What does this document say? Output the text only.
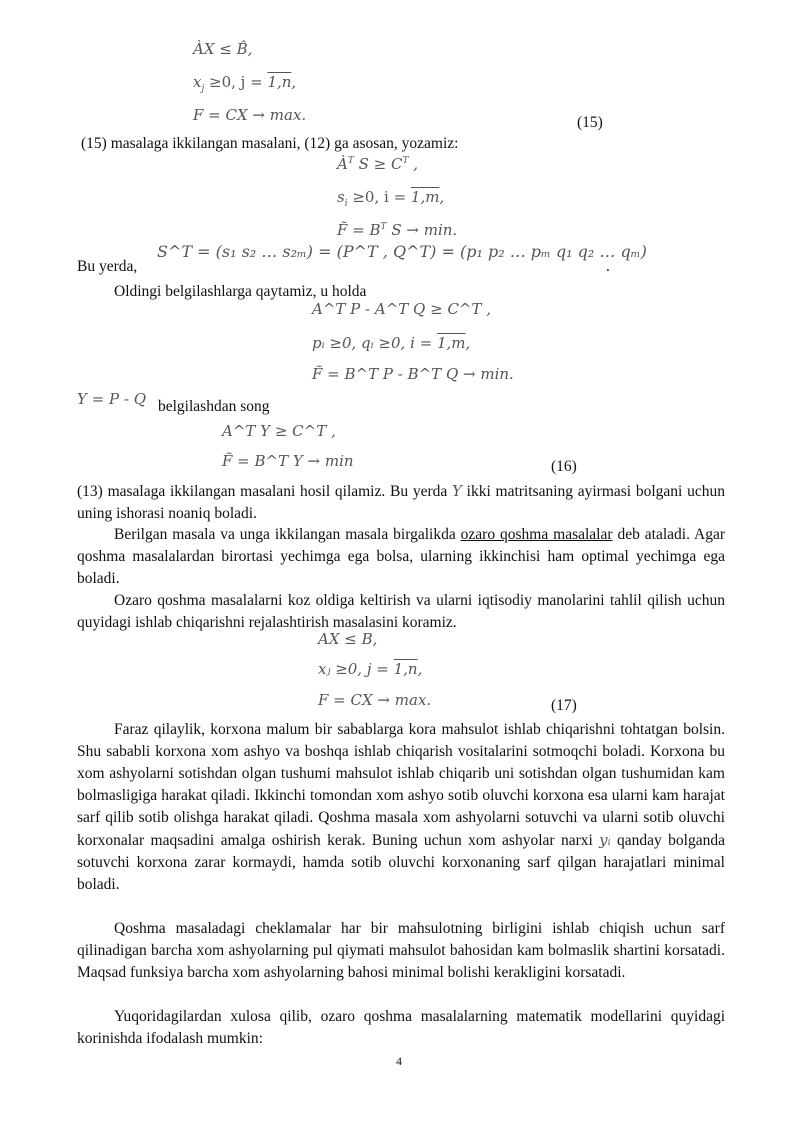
ÀX ≤ B̂,
$x_j \ge 0$, j = 1,n,
F = CX → max.	(15)
(15) masalaga ikkilangan masalani, (12) ga asosan, yozamiz:
$À^T$ $S \ge C^T$ ,
$s_i \ge 0$, i = 1,m,
F̃ = $B^T$ S → min.
Bu yerda,
S^T = (s₁ s₂ … s₂ₘ) = (P^T , Q^T) = (p₁ p₂ … pₘ q₁ q₂ … qₘ)
.
Oldingi belgilashlarga qaytamiz, u holda
A^T P - A^T Q ≥ C^T ,
pᵢ ≥0, qᵢ ≥0, i = 1,m,
F̃ = B^T P - B^T Q → min.
Y = P - Q belgilashdan song
A^T Y ≥ C^T ,
F̃ = B^T Y → min	(16)
(13) masalaga ikkilangan masalani hosil qilamiz. Bu yerda Y ikki matritsaning ayirmasi bolgani uchun uning ishorasi noaniq boladi.
Berilgan masala va unga ikkilangan masala birgalikda ozaro qoshma masalalar deb ataladi. Agar qoshma masalalardan birortasi yechimga ega bolsa, ularning ikkinchisi ham optimal yechimga ega boladi.
Ozaro qoshma masalalarni koz oldiga keltirish va ularni iqtisodiy manolarini tahlil qilish uchun quyidagi ishlab chiqarishni rejalashtirish masalasini koramiz.
AX ≤ B,
xⱼ ≥0, j = 1,n,
F = CX → max.	(17)
Faraz qilaylik, korxona malum bir sabablarga kora mahsulot ishlab chiqarishni tohtatgan bolsin. Shu sababli korxona xom ashyo va boshqa ishlab chiqarish vositalarini sotmoqchi boladi. Korxona bu xom ashyolarni sotishdan olgan tushumi mahsulot ishlab chiqarib uni sotishdan olgan tushumidan kam bolmasligiga harakat qiladi. Ikkinchi tomondan xom ashyo sotib oluvchi korxona esa ularni kam harajat sarf qilib sotib olishga harakat qiladi. Qoshma masala xom ashyolarni sotuvchi va ularni sotib oluvchi korxonalar maqsadini amalga oshirish kerak. Buning uchun xom ashyolar narxi yᵢ qanday bolganda sotuvchi korxona zarar kormaydi, hamda sotib oluvchi korxonaning sarf qilgan harajatlari minimal boladi.
Qoshma masaladagi cheklamalar har bir mahsulotning birligini ishlab chiqish uchun sarf qilinadigan barcha xom ashyolarning pul qiymati mahsulot bahosidan kam bolmaslik shartini korsatadi. Maqsad funksiya barcha xom ashyolarning bahosi minimal bolishi kerakligini korsatadi.
Yuqoridagilardan xulosa qilib, ozaro qoshma masalalarning matematik modellarini quyidagi korinishda ifodalash mumkin:
4
